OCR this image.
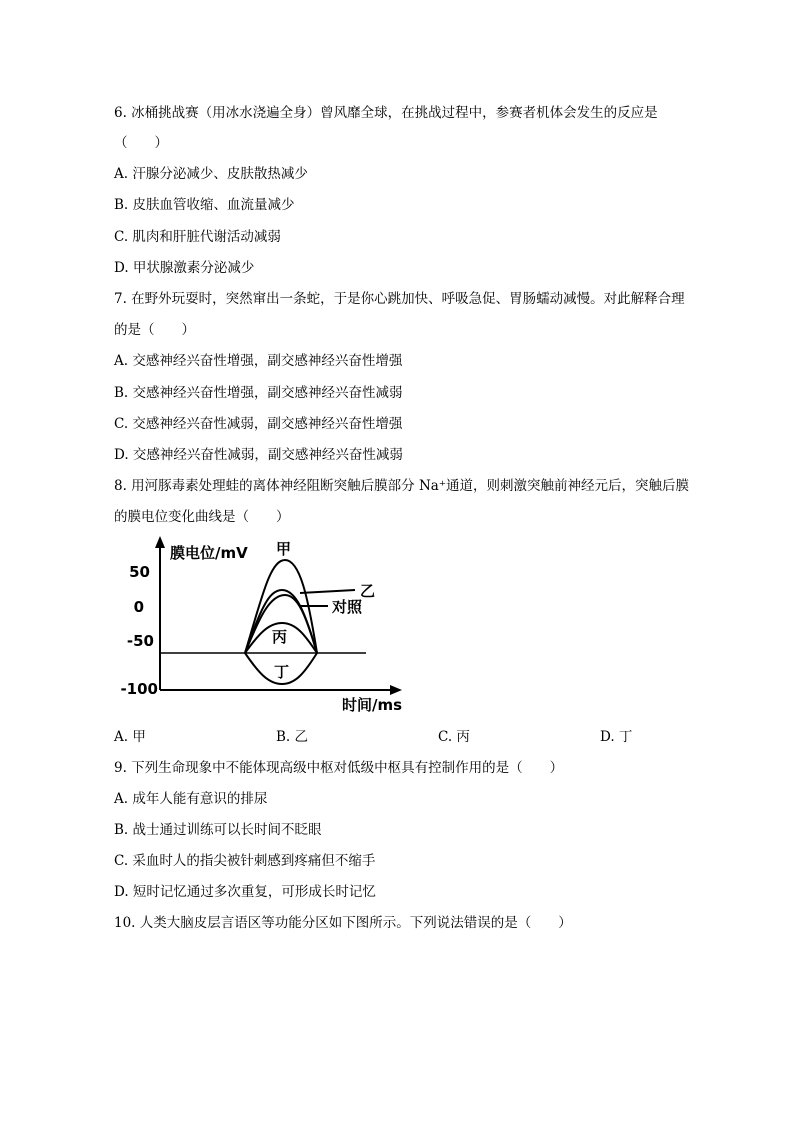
6. 冰桶挑战赛（用冰水浇遍全身）曾风靡全球，在挑战过程中，参赛者机体会发生的反应是
（　　）
A. 汗腺分泌减少、皮肤散热减少
B. 皮肤血管收缩、血流量减少
C. 肌肉和肝脏代谢活动减弱
D. 甲状腺激素分泌减少
7. 在野外玩耍时，突然窜出一条蛇，于是你心跳加快、呼吸急促、胃肠蠕动减慢。对此解释合理
的是（　　）
A. 交感神经兴奋性增强，副交感神经兴奋性增强
B. 交感神经兴奋性增强，副交感神经兴奋性减弱
C. 交感神经兴奋性减弱，副交感神经兴奋性增强
D. 交感神经兴奋性减弱，副交感神经兴奋性减弱
8. 用河豚毒素处理蛙的离体神经阻断突触后膜部分 Na⁺通道，则刺激突触前神经元后，突触后膜
的膜电位变化曲线是（　　）
膜电位/mV
时间/ms
50
0
-50
-100
甲
乙
对照
丙
丁
A. 甲	B. 乙	C. 丙	D. 丁
9. 下列生命现象中不能体现高级中枢对低级中枢具有控制作用的是（　　）
A. 成年人能有意识的排尿
B. 战士通过训练可以长时间不眨眼
C. 采血时人的指尖被针刺感到疼痛但不缩手
D. 短时记忆通过多次重复，可形成长时记忆
10. 人类大脑皮层言语区等功能分区如下图所示。下列说法错误的是（　　）
